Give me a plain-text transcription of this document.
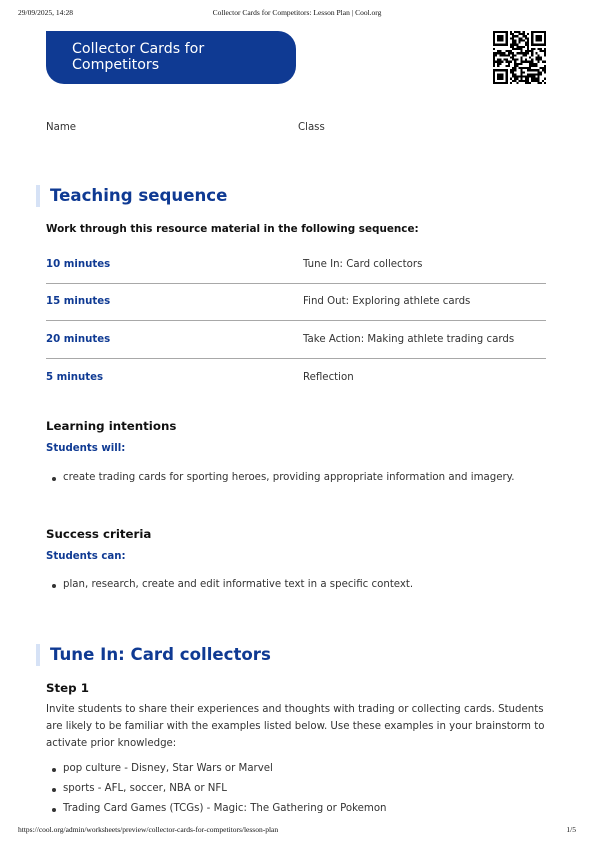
29/09/2025, 14:28	Collector Cards for Competitors: Lesson Plan | Cool.org
Collector Cards for
Competitors
Name	Class
Teaching sequence
Work through this resource material in the following sequence:
10 minutes	Tune In: Card collectors
15 minutes	Find Out: Exploring athlete cards
20 minutes	Take Action: Making athlete trading cards
5 minutes	Reflection
Learning intentions
Students will:
create trading cards for sporting heroes, providing appropriate information and imagery.
Success criteria
Students can:
plan, research, create and edit informative text in a specific context.
Tune In: Card collectors
Step 1
Invite students to share their experiences and thoughts with trading or collecting cards. Students are likely to be familiar with the examples listed below. Use these examples in your brainstorm to activate prior knowledge:
pop culture - Disney, Star Wars or Marvel
sports - AFL, soccer, NBA or NFL
Trading Card Games (TCGs) - Magic: The Gathering or Pokemon
https://cool.org/admin/worksheets/preview/collector-cards-for-competitors/lesson-plan	1/5
